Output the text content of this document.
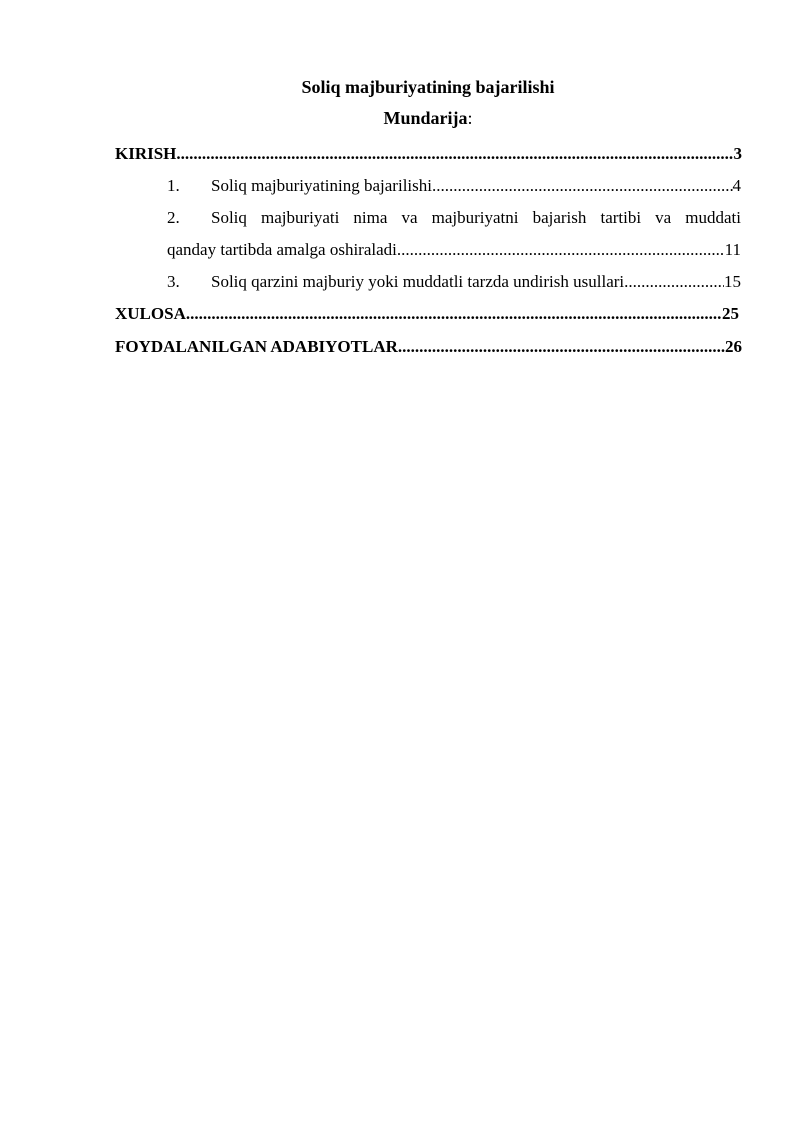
Soliq majburiyatining bajarilishi

Mundarija:

KIRISH .....	3
1.	Soliq majburiyatining bajarilishi .....	4
2.	Soliq majburiyati nima va majburiyatni bajarish tartibi va muddati
qanday tartibda amalga oshiraladi .....	11
3.	Soliq qarzini majburiy yoki muddatli tarzda undirish usullari .....	15
XULOSA .....	25
FOYDALANILGAN ADABIYOTLAR .....	26
